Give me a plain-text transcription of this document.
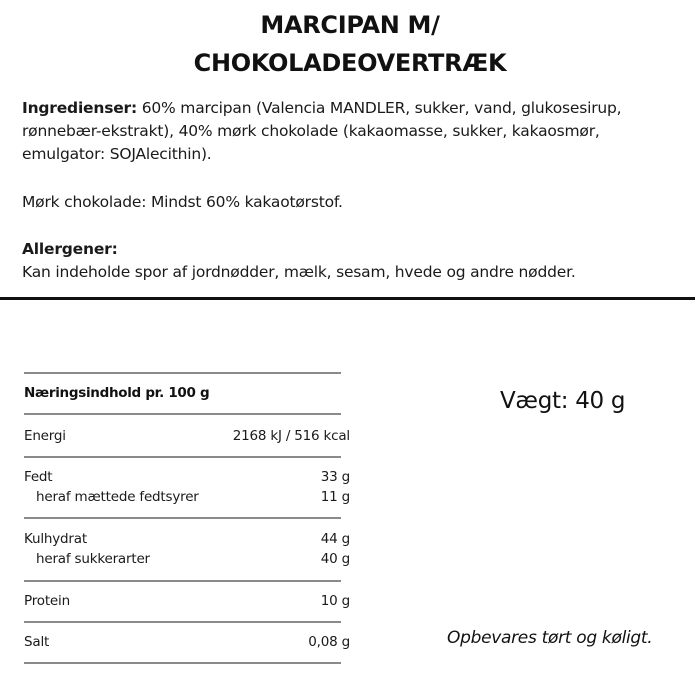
MARCIPAN M/
CHOKOLADEOVERTRÆK
Ingredienser: 60% marcipan (Valencia MANDLER, sukker, vand, glukosesirup,
rønnebær-ekstrakt), 40% mørk chokolade (kakaomasse, sukker, kakaosmør,
emulgator: SOJAlecithin).
Mørk chokolade: Mindst 60% kakaotørstof.
Allergener:
Kan indeholde spor af jordnødder, mælk, sesam, hvede og andre nødder.
Næringsindhold pr. 100 g
Energi	2168 kJ / 516 kcal
Fedt	33 g
heraf mættede fedtsyrer	11 g
Kulhydrat	44 g
heraf sukkerarter	40 g
Protein	10 g
Salt	0,08 g
Vægt: 40 g
Opbevares tørt og køligt.
